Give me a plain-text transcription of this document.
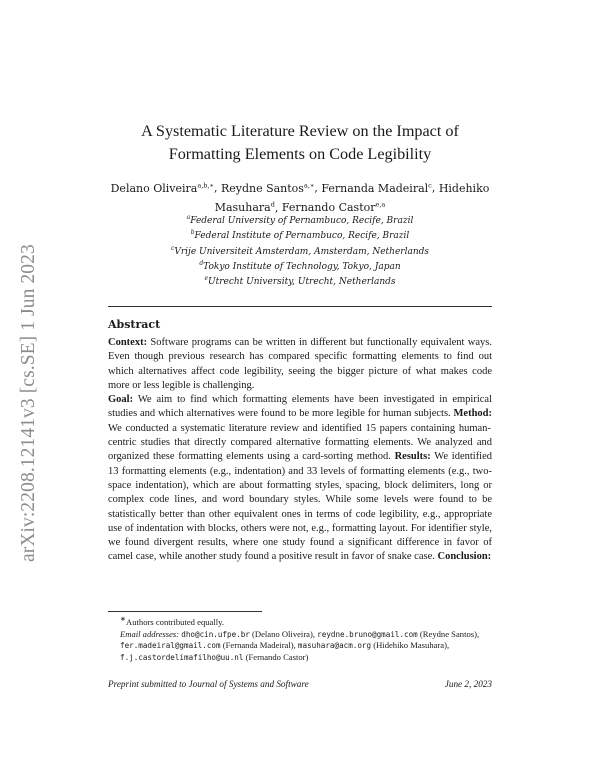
arXiv:2208.12141v3 [cs.SE] 1 Jun 2023
A Systematic Literature Review on the Impact of
Formatting Elements on Code Legibility
Delano Oliveira$^{a,b,∗}$, Reydne Santos$^{a,∗}$, Fernanda Madeiral$^c$, Hidehiko Masuhara$^d$, Fernando Castor$^{e,a}$
$^a$Federal University of Pernambuco, Recife, Brazil
$^b$Federal Institute of Pernambuco, Recife, Brazil
$^c$Vrije Universiteit Amsterdam, Amsterdam, Netherlands
$^d$Tokyo Institute of Technology, Tokyo, Japan
$^e$Utrecht University, Utrecht, Netherlands
Abstract
Context: Software programs can be written in different but functionally equivalent ways. Even though previous research has compared specific formatting elements to find out which alternatives affect code legibility, seeing the bigger picture of what makes code more or less legible is challenging.
Goal: We aim to find which formatting elements have been investigated in empirical studies and which alternatives were found to be more legible for human subjects. Method: We conducted a systematic literature review and identified 15 papers containing human-centric studies that directly compared alternative formatting elements. We analyzed and organized these formatting elements using a card-sorting method. Results: We identified 13 formatting elements (e.g., indentation) and 33 levels of formatting elements (e.g., two-space indentation), which are about formatting styles, spacing, block delimiters, long or complex code lines, and word boundary styles. While some levels were found to be statistically better than other equivalent ones in terms of code legibility, e.g., appropriate use of indentation with blocks, others were not, e.g., formatting layout. For identifier style, we found divergent results, where one study found a significant difference in favor of camel case, while another study found a positive result in favor of snake case. Conclusion:
∗Authors contributed equally.
Email addresses: dho@cin.ufpe.br (Delano Oliveira), reydne.bruno@gmail.com (Reydne Santos), fer.madeiral@gmail.com (Fernanda Madeiral), masuhara@acm.org (Hidehiko Masuhara), f.j.castordelimafilho@uu.nl (Fernando Castor)
Preprint submitted to Journal of Systems and Software	June 2, 2023
